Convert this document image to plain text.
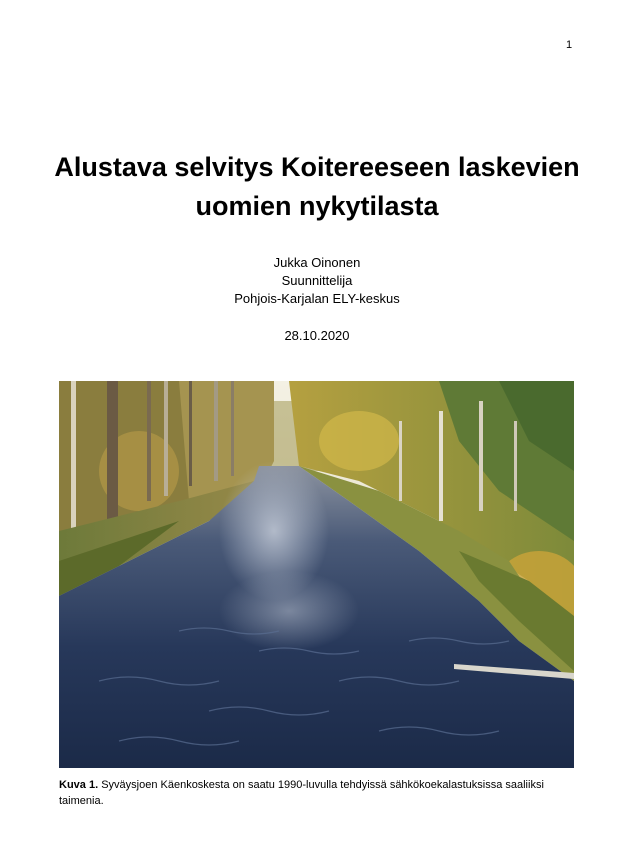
1
Alustava selvitys Koitereeseen laskevien
uomien nykytilasta
Jukka Oinonen
Suunnittelija
Pohjois-Karjalan ELY-keskus
28.10.2020
Kuva 1. Syväysjoen Käenkoskesta on saatu 1990-luvulla tehdyissä sähkökoekalastuksissa saaliiksi taimenia.
